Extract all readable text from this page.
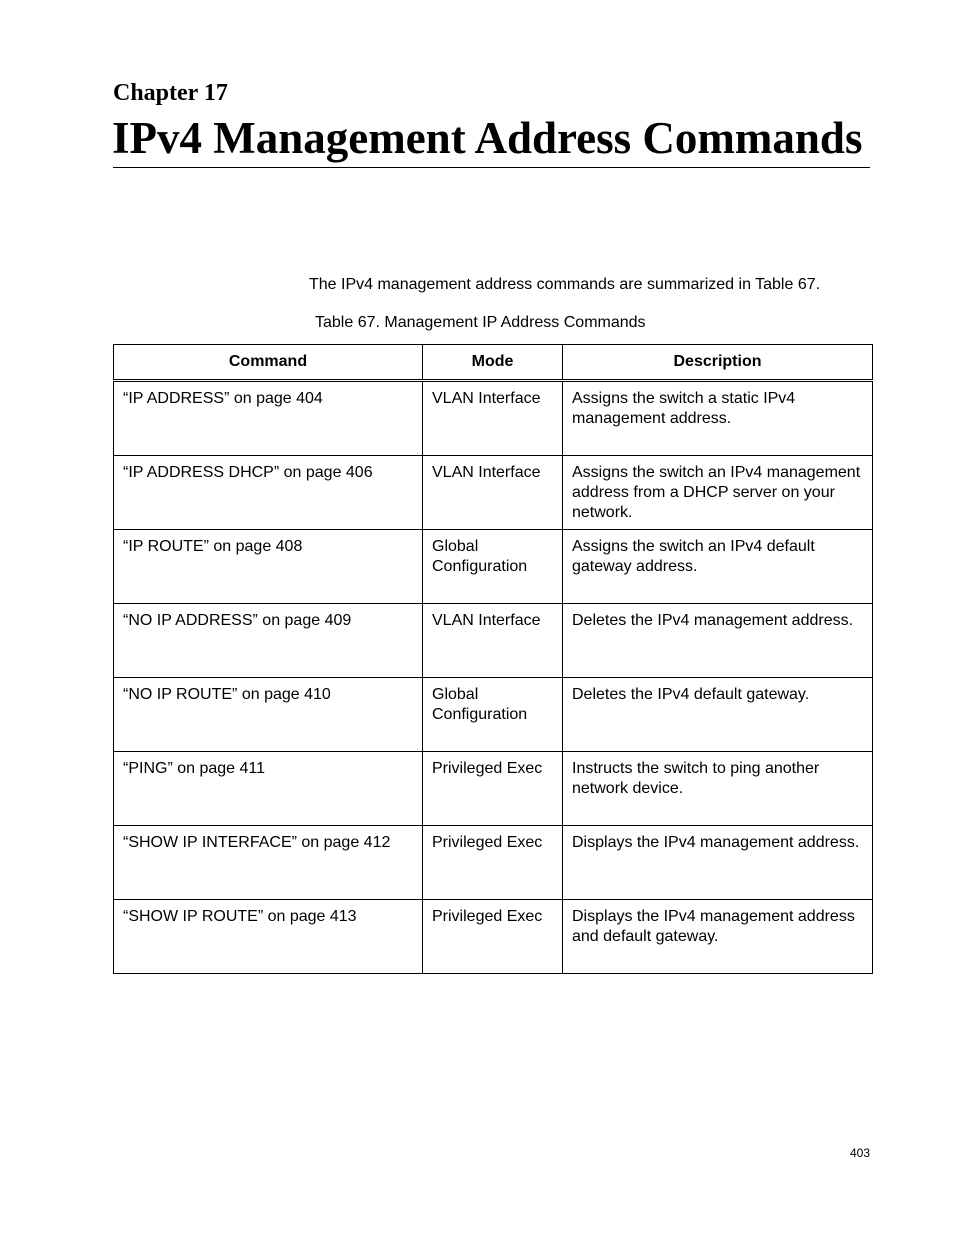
Chapter 17
IPv4 Management Address Commands

The IPv4 management address commands are summarized in Table 67.

Table 67. Management IP Address Commands

Command	Mode	Description
“IP ADDRESS” on page 404	VLAN Interface	Assigns the switch a static IPv4 management address.
“IP ADDRESS DHCP” on page 406	VLAN Interface	Assigns the switch an IPv4 management address from a DHCP server on your network.
“IP ROUTE” on page 408	Global Configuration	Assigns the switch an IPv4 default gateway address.
“NO IP ADDRESS” on page 409	VLAN Interface	Deletes the IPv4 management address.
“NO IP ROUTE” on page 410	Global Configuration	Deletes the IPv4 default gateway.
“PING” on page 411	Privileged Exec	Instructs the switch to ping another network device.
“SHOW IP INTERFACE” on page 412	Privileged Exec	Displays the IPv4 management address.
“SHOW IP ROUTE” on page 413	Privileged Exec	Displays the IPv4 management address and default gateway.

403
